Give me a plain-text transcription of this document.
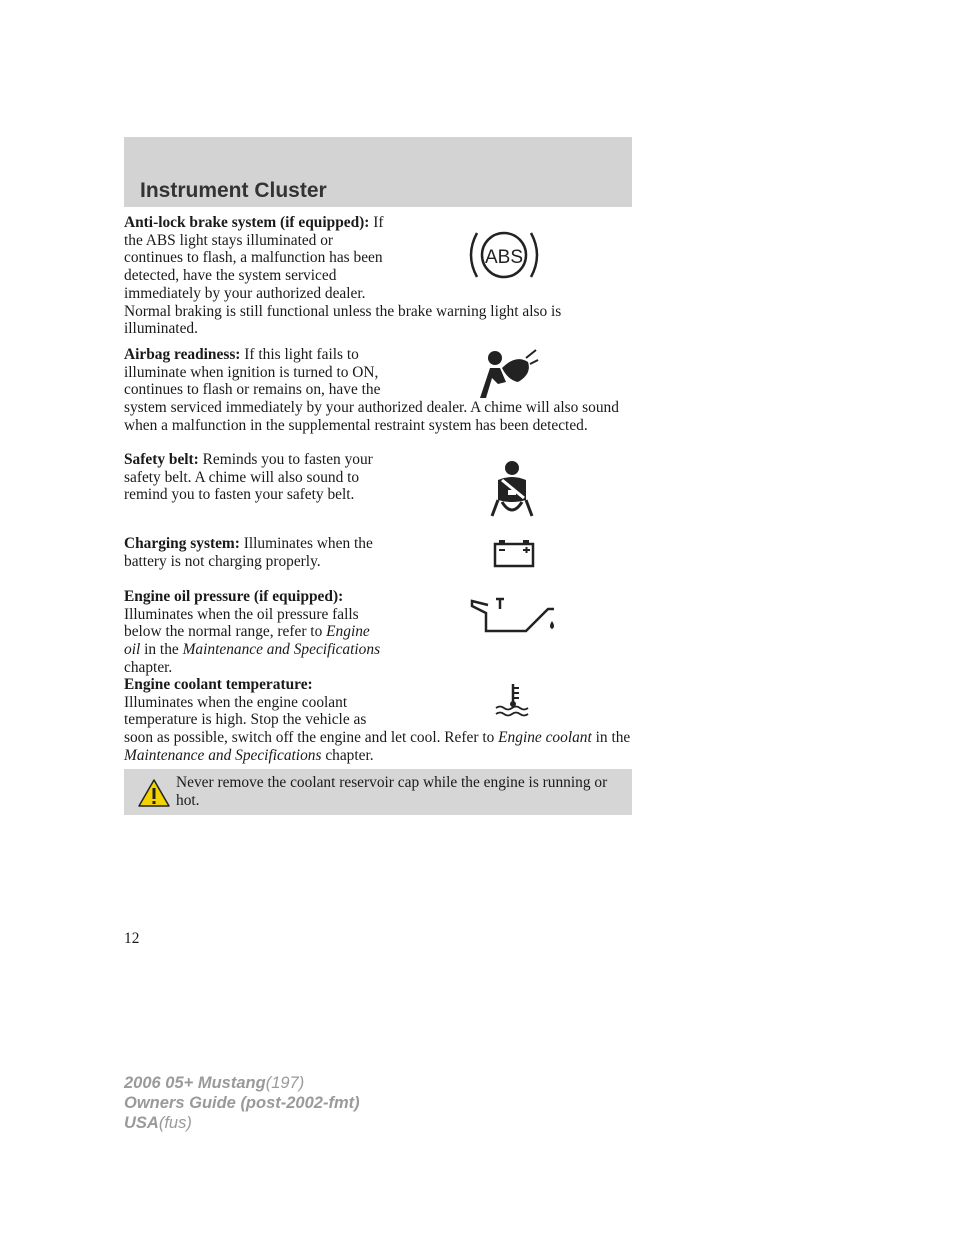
Instrument Cluster
ABS
Anti-lock brake system (if equipped): If the ABS light stays illuminated or continues to flash, a malfunction has been detected, have the system serviced immediately by your authorized dealer. Normal braking is still functional unless the brake warning light also is illuminated.
Airbag readiness: If this light fails to illuminate when ignition is turned to ON, continues to flash or remains on, have the system serviced immediately by your authorized dealer. A chime will also sound when a malfunction in the supplemental restraint system has been detected.
Safety belt: Reminds you to fasten your safety belt. A chime will also sound to remind you to fasten your safety belt.
Charging system: Illuminates when the battery is not charging properly.
Engine oil pressure (if equipped): Illuminates when the oil pressure falls below the normal range, refer to Engine oil in the Maintenance and Specifications chapter.
Engine coolant temperature:
Illuminates when the engine coolant temperature is high. Stop the vehicle as soon as possible, switch off the engine and let cool. Refer to Engine coolant in the Maintenance and Specifications chapter.
Never remove the coolant reservoir cap while the engine is running or hot.
12
2006 05+ Mustang(197)
Owners Guide (post-2002-fmt)
USA(fus)
